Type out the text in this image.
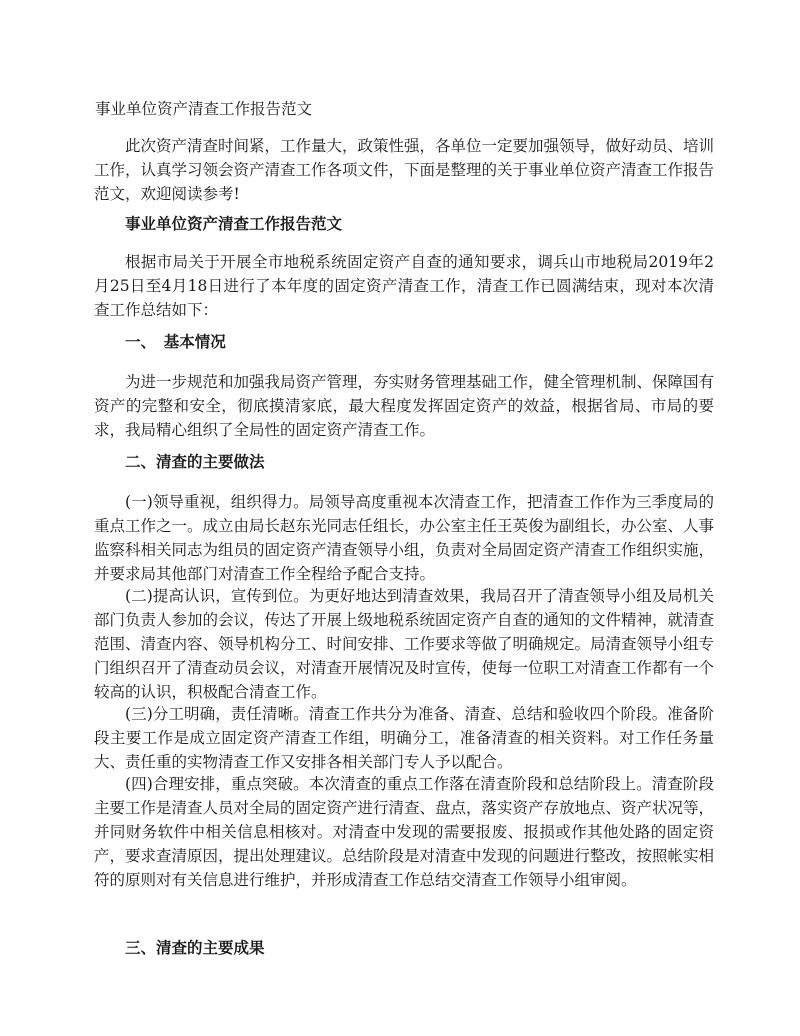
事业单位资产清查工作报告范文

此次资产清查时间紧，工作量大，政策性强，各单位一定要加强领导，做好动员、培训工作，认真学习领会资产清查工作各项文件，下面是整理的关于事业单位资产清查工作报告范文，欢迎阅读参考!

事业单位资产清查工作报告范文

根据市局关于开展全市地税系统固定资产自查的通知要求，调兵山市地税局2019年2月25日至4月18日进行了本年度的固定资产清查工作，清查工作已圆满结束，现对本次清查工作总结如下：

一、　基本情况

为进一步规范和加强我局资产管理，夯实财务管理基础工作，健全管理机制、保障国有资产的完整和安全，彻底摸清家底，最大程度发挥固定资产的效益，根据省局、市局的要求，我局精心组织了全局性的固定资产清查工作。

二、清查的主要做法

(一)领导重视，组织得力。局领导高度重视本次清查工作，把清查工作作为三季度局的重点工作之一。成立由局长赵东光同志任组长，办公室主任王英俊为副组长，办公室、人事监察科相关同志为组员的固定资产清查领导小组，负责对全局固定资产清查工作组织实施，并要求局其他部门对清查工作全程给予配合支持。

(二)提高认识，宣传到位。为更好地达到清查效果，我局召开了清查领导小组及局机关部门负责人参加的会议，传达了开展上级地税系统固定资产自查的通知的文件精神，就清查范围、清查内容、领导机构分工、时间安排、工作要求等做了明确规定。局清查领导小组专门组织召开了清查动员会议，对清查开展情况及时宣传，使每一位职工对清查工作都有一个较高的认识，积极配合清查工作。

(三)分工明确，责任清晰。清查工作共分为准备、清查、总结和验收四个阶段。准备阶段主要工作是成立固定资产清查工作组，明确分工，准备清查的相关资料。对工作任务量大、责任重的实物清查工作又安排各相关部门专人予以配合。

(四)合理安排，重点突破。本次清查的重点工作落在清查阶段和总结阶段上。清查阶段主要工作是清查人员对全局的固定资产进行清查、盘点，落实资产存放地点、资产状况等，并同财务软件中相关信息相核对。对清查中发现的需要报废、报损或作其他处路的固定资产，要求查清原因，提出处理建议。总结阶段是对清查中发现的问题进行整改，按照帐实相符的原则对有关信息进行维护，并形成清查工作总结交清查工作领导小组审阅。

三、清查的主要成果
